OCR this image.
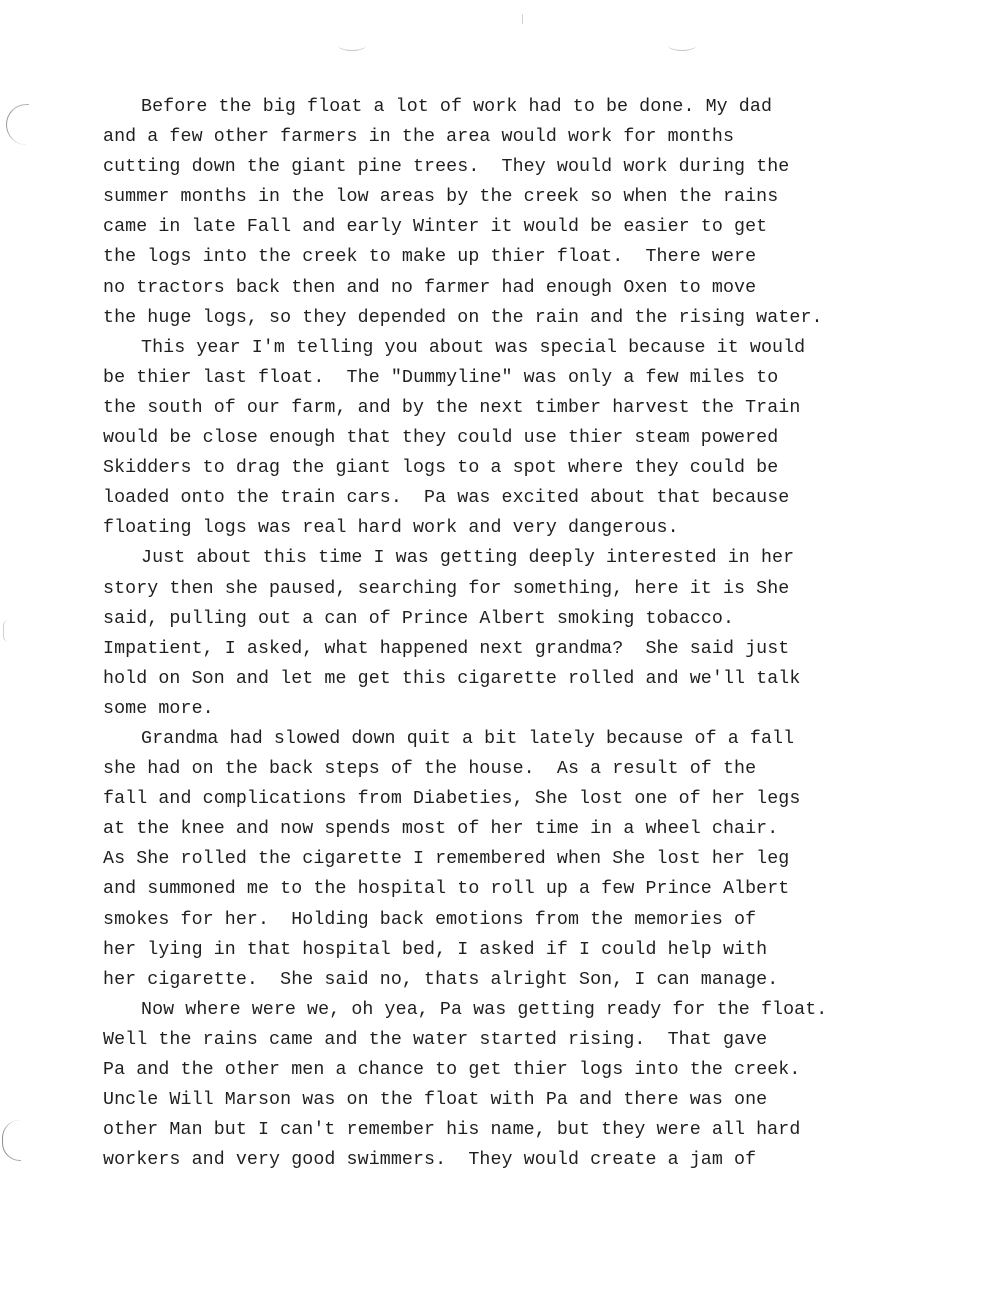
Before the big float a lot of work had to be done. My dad
and a few other farmers in the area would work for months
cutting down the giant pine trees.  They would work during the
summer months in the low areas by the creek so when the rains
came in late Fall and early Winter it would be easier to get
the logs into the creek to make up thier float.  There were
no tractors back then and no farmer had enough Oxen to move
the huge logs, so they depended on the rain and the rising water.
This year I'm telling you about was special because it would
be thier last float.  The "Dummyline" was only a few miles to
the south of our farm, and by the next timber harvest the Train
would be close enough that they could use thier steam powered
Skidders to drag the giant logs to a spot where they could be
loaded onto the train cars.  Pa was excited about that because
floating logs was real hard work and very dangerous.
Just about this time I was getting deeply interested in her
story then she paused, searching for something, here it is She
said, pulling out a can of Prince Albert smoking tobacco.
Impatient, I asked, what happened next grandma?  She said just
hold on Son and let me get this cigarette rolled and we'll talk
some more.
Grandma had slowed down quit a bit lately because of a fall
she had on the back steps of the house.  As a result of the
fall and complications from Diabeties, She lost one of her legs
at the knee and now spends most of her time in a wheel chair.
As She rolled the cigarette I remembered when She lost her leg
and summoned me to the hospital to roll up a few Prince Albert
smokes for her.  Holding back emotions from the memories of
her lying in that hospital bed, I asked if I could help with
her cigarette.  She said no, thats alright Son, I can manage.
Now where were we, oh yea, Pa was getting ready for the float.
Well the rains came and the water started rising.  That gave
Pa and the other men a chance to get thier logs into the creek.
Uncle Will Marson was on the float with Pa and there was one
other Man but I can't remember his name, but they were all hard
workers and very good swimmers.  They would create a jam of
